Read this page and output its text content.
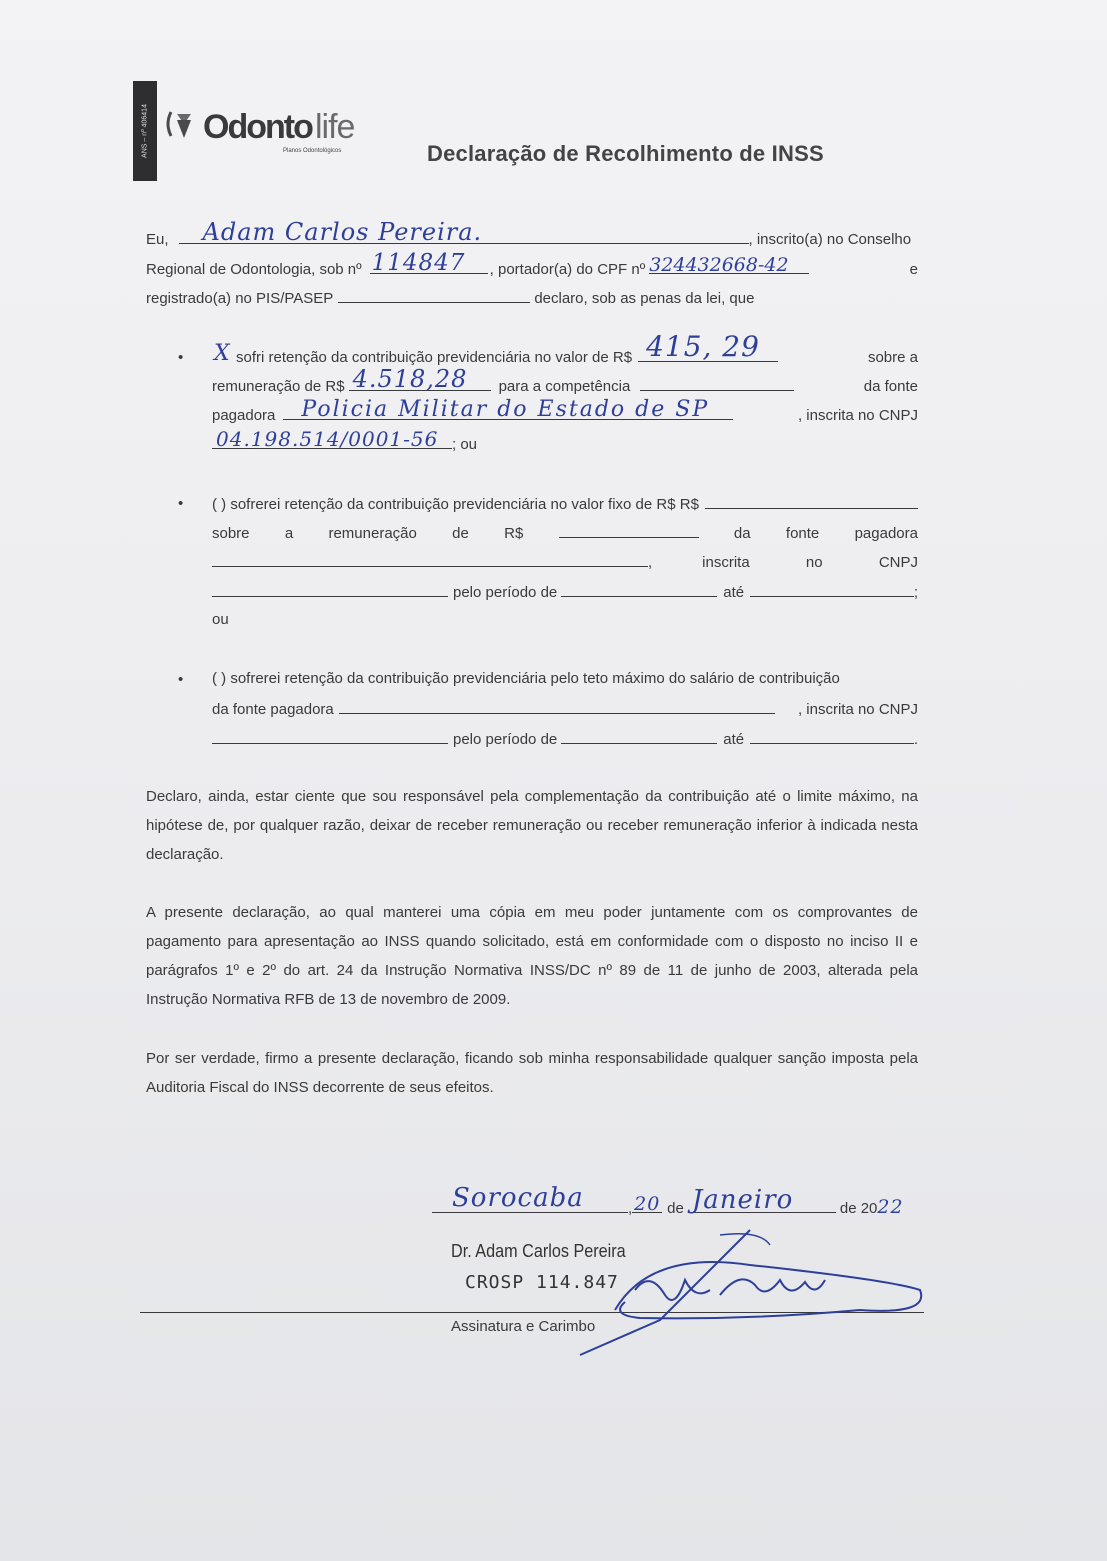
ANS – nº 406414 Odonto life
Planos Odontológicos	Declaração de Recolhimento de INSS
Eu, Adam Carlos Pereira.	, inscrito(a) no Conselho
Regional de Odontologia, sob nº 114847 , portador(a) do CPF nº 324432668-42	e
registrado(a) no PIS/PASEP	declaro, sob as penas da lei, que
• X sofri retenção da contribuição previdenciária no valor de R$ 415, 29	sobre a
remuneração de R$ 4.518,28 para a competência	da fonte
pagadora Policia Militar do Estado de SP	, inscrita no CNPJ
04.198.514/0001-56 ; ou
• ( ) sofrerei retenção da contribuição previdenciária no valor fixo de R$ R$
sobre a remuneração de R$	da fonte pagadora
,	inscrita	no	CNPJ
pelo período de	até	;
ou
• ( ) sofrerei retenção da contribuição previdenciária pelo teto máximo do salário de contribuição
da fonte pagadora	, inscrita no CNPJ
pelo período de	até	.

Declaro, ainda, estar ciente que sou responsável pela complementação da contribuição até o limite máximo, na hipótese de, por qualquer razão, deixar de receber remuneração ou receber remuneração inferior à indicada nesta declaração.

A presente declaração, ao qual manterei uma cópia em meu poder juntamente com os comprovantes de pagamento para apresentação ao INSS quando solicitado, está em conformidade com o disposto no inciso II e parágrafos 1º e 2º do art. 24 da Instrução Normativa INSS/DC nº 89 de 11 de junho de 2003, alterada pela Instrução Normativa RFB de 13 de novembro de 2009.

Por ser verdade, firmo a presente declaração, ficando sob minha responsabilidade qualquer sanção imposta pela Auditoria Fiscal do INSS decorrente de seus efeitos.

Sorocaba	, 20 de Janeiro	de 20 22
Dr. Adam Carlos Pereira
CROSP 114.847
Assinatura e Carimbo
